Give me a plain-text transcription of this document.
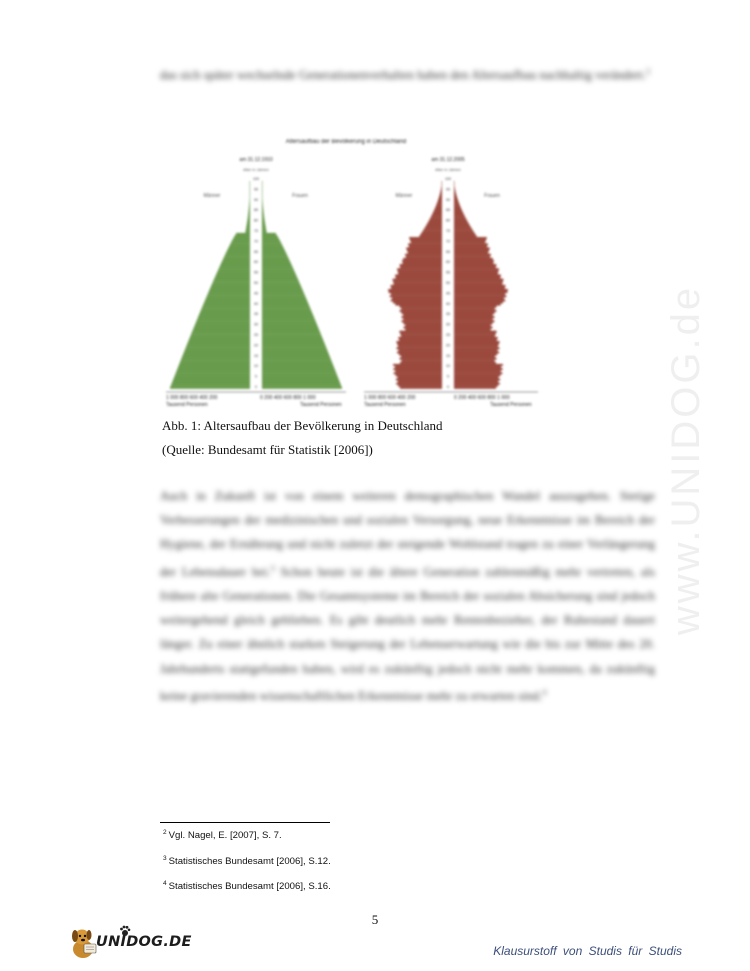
das sich später wechselnde Generationenverhalten haben den Altersaufbau nachhaltig verändert.$^2$
Altersaufbau der Bevölkerung in Deutschland
am 31.12.1910
Alter in Jahren
Männer	Frauen
0
5
10
15
20
25
30
35
40
45
50
55
60
65
70
75
80
85
90
95
100
1 000 800 600 400 200	0 200 400 600 800 1 000
Tausend Personen	Tausend Personen
am 31.12.2005
Alter in Jahren
Männer	Frauen
0
5
10
15
20
25
30
35
40
45
50
55
60
65
70
75
80
85
90
95
100
1 000 800 600 400 200	0 200 400 600 800 1 000
Tausend Personen	Tausend Personen
Abb. 1: Altersaufbau der Bevölkerung in Deutschland
(Quelle: Bundesamt für Statistik [2006])
Auch in Zukunft ist von einem weiteren demographischen Wandel auszugehen. Stetige Verbesserungen der medizinischen und sozialen Versorgung, neue Erkenntnisse im Bereich der Hygiene, der Ernährung und nicht zuletzt der steigende Wohlstand tragen zu einer Verlängerung der Lebensdauer bei.$^3$ Schon heute ist die ältere Generation zahlenmäßig mehr vertreten, als frühere alte Generationen. Die Gesamtsysteme im Bereich der sozialen Absicherung sind jedoch weitergehend gleich geblieben. Es gibt deutlich mehr Rentenbezieher, der Ruhestand dauert länger. Zu einer ähnlich starken Steigerung der Lebenserwartung wie die bis zur Mitte des 20. Jahrhunderts stattgefunden haben, wird es zukünftig jedoch nicht mehr kommen, da zukünftig keine gravierenden wissenschaftlichen Erkenntnisse mehr zu erwarten sind.$^4$
www.UNIDOG.de
$^2$ Vgl. Nagel, E. [2007], S. 7.
$^3$ Statistisches Bundesamt [2006], S.12.
$^4$ Statistisches Bundesamt [2006], S.16.
5
UNIDOG.DE
Klausurstoff von Studis für Studis
